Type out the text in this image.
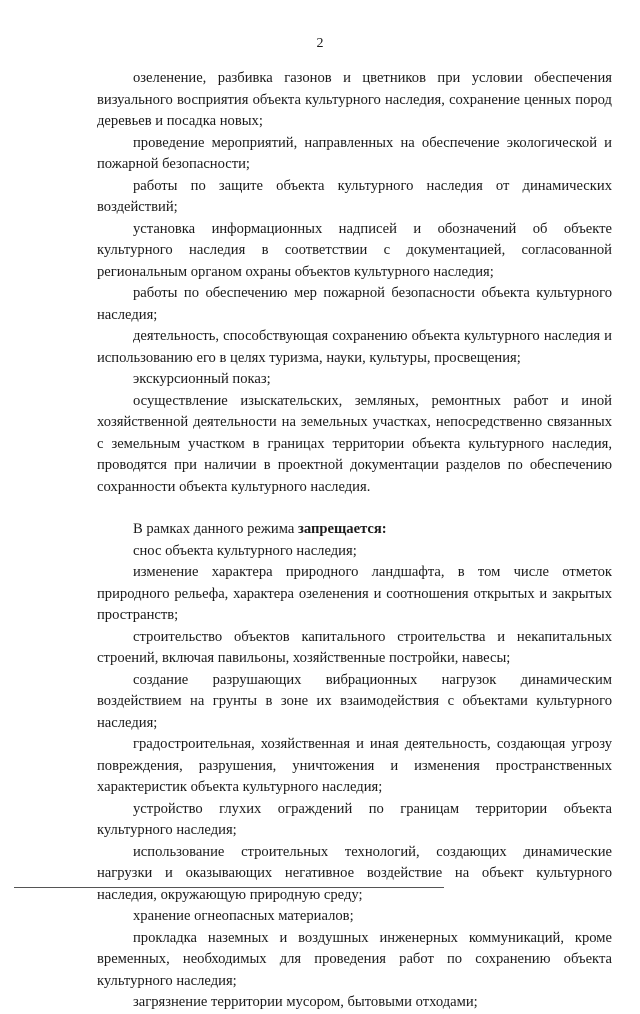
2

озеленение, разбивка газонов и цветников при условии обеспечения визуального восприятия объекта культурного наследия, сохранение ценных пород деревьев и посадка новых;

проведение мероприятий, направленных на обеспечение экологической и пожарной безопасности;

работы по защите объекта культурного наследия от динамических воздействий;

установка информационных надписей и обозначений об объекте культурного наследия в соответствии с документацией, согласованной региональным органом охраны объектов культурного наследия;

работы по обеспечению мер пожарной безопасности объекта культурного наследия;

деятельность, способствующая сохранению объекта культурного наследия и использованию его в целях туризма, науки, культуры, просвещения;

экскурсионный показ;

осуществление изыскательских, земляных, ремонтных работ и иной хозяйственной деятельности на земельных участках, непосредственно связанных с земельным участком в границах территории объекта культурного наследия, проводятся при наличии в проектной документации разделов по обеспечению сохранности объекта культурного наследия.

В рамках данного режима запрещается:

снос объекта культурного наследия;

изменение характера природного ландшафта, в том числе отметок природного рельефа, характера озеленения и соотношения открытых и закрытых пространств;

строительство объектов капитального строительства и некапитальных строений, включая павильоны, хозяйственные постройки, навесы;

создание разрушающих вибрационных нагрузок динамическим воздействием на грунты в зоне их взаимодействия с объектами культурного наследия;

градостроительная, хозяйственная и иная деятельность, создающая угрозу повреждения, разрушения, уничтожения и изменения пространственных характеристик объекта культурного наследия;

устройство глухих ограждений по границам территории объекта культурного наследия;

использование строительных технологий, создающих динамические нагрузки и оказывающих негативное воздействие на объект культурного наследия, окружающую природную среду;

хранение огнеопасных материалов;

прокладка наземных и воздушных инженерных коммуникаций, кроме временных, необходимых для проведения работ по сохранению объекта культурного наследия;

загрязнение территории мусором, бытовыми отходами;
